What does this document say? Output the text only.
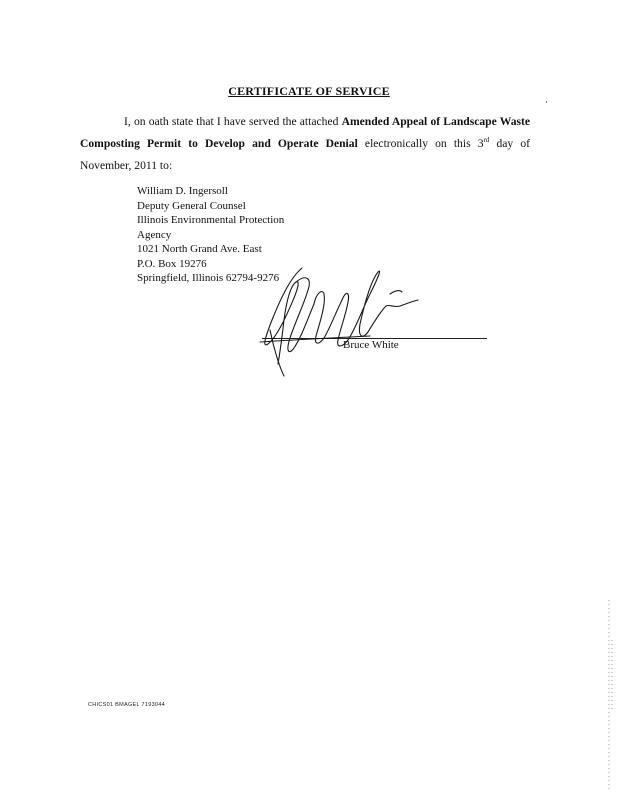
CERTIFICATE OF SERVICE
I, on oath state that I have served the attached Amended Appeal of Landscape Waste Composting Permit to Develop and Operate Denial electronically on this 3rd day of November, 2011 to:
William D. Ingersoll
Deputy General Counsel
Illinois Environmental Protection
Agency
1021 North Grand Ave. East
P.O. Box 19276
Springfield, Illinois 62794-9276
Bruce White
CHICS01 BMAGEL 7193044
